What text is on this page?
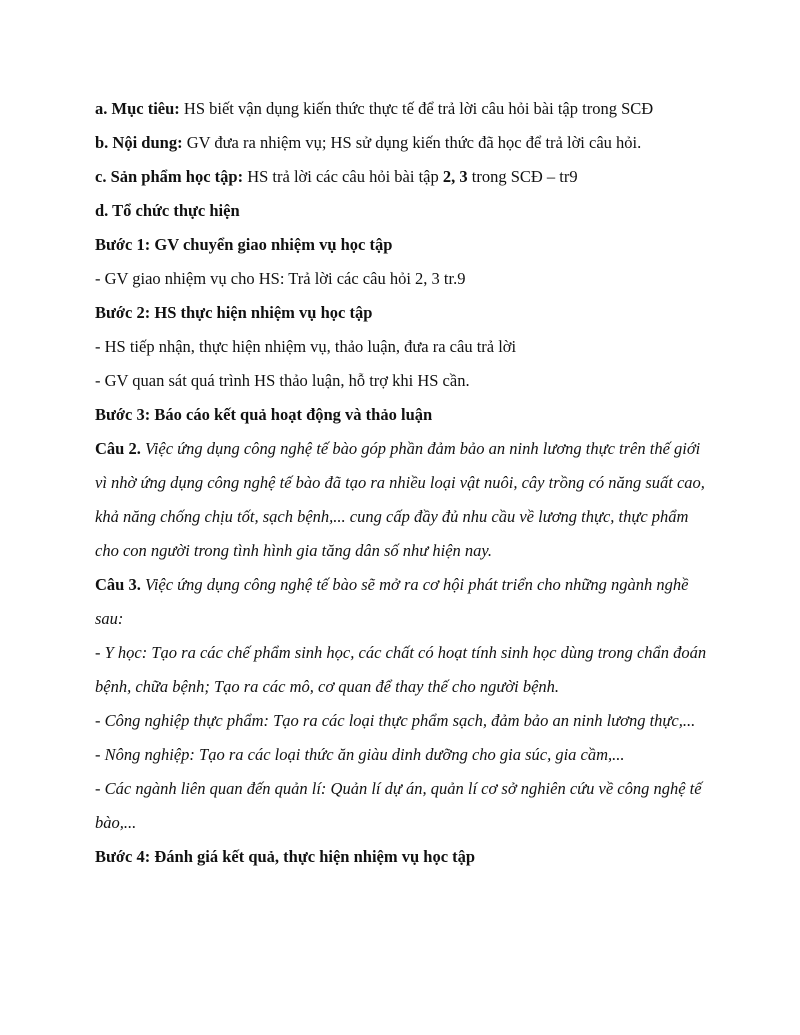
a. Mục tiêu: HS biết vận dụng kiến thức thực tế để trả lời câu hỏi bài tập trong SCĐ
b. Nội dung: GV đưa ra nhiệm vụ; HS sử dụng kiến thức đã học để trả lời câu hỏi.
c. Sản phẩm học tập: HS trả lời các câu hỏi bài tập 2, 3 trong SCĐ – tr9
d. Tổ chức thực hiện
Bước 1: GV chuyển giao nhiệm vụ học tập
- GV giao nhiệm vụ cho HS: Trả lời các câu hỏi 2, 3 tr.9
Bước 2: HS thực hiện nhiệm vụ học tập
- HS tiếp nhận, thực hiện nhiệm vụ, thảo luận, đưa ra câu trả lời
- GV quan sát quá trình HS thảo luận, hỗ trợ khi HS cần.
Bước 3: Báo cáo kết quả hoạt động và thảo luận

Câu 2. Việc ứng dụng công nghệ tế bào góp phần đảm bảo an ninh lương thực trên thế giới vì nhờ ứng dụng công nghệ tế bào đã tạo ra nhiều loại vật nuôi, cây trồng có năng suất cao, khả năng chống chịu tốt, sạch bệnh,... cung cấp đầy đủ nhu cầu về lương thực, thực phẩm cho con người trong tình hình gia tăng dân số như hiện nay.

Câu 3. Việc ứng dụng công nghệ tế bào sẽ mở ra cơ hội phát triển cho những ngành nghề sau:

- Y học: Tạo ra các chế phẩm sinh học, các chất có hoạt tính sinh học dùng trong chẩn đoán bệnh, chữa bệnh; Tạo ra các mô, cơ quan để thay thế cho người bệnh.

- Công nghiệp thực phẩm: Tạo ra các loại thực phẩm sạch, đảm bảo an ninh lương thực,...

- Nông nghiệp: Tạo ra các loại thức ăn giàu dinh dưỡng cho gia súc, gia cầm,...

- Các ngành liên quan đến quản lí: Quản lí dự án, quản lí cơ sở nghiên cứu về công nghệ tế bào,...

Bước 4: Đánh giá kết quả, thực hiện nhiệm vụ học tập
